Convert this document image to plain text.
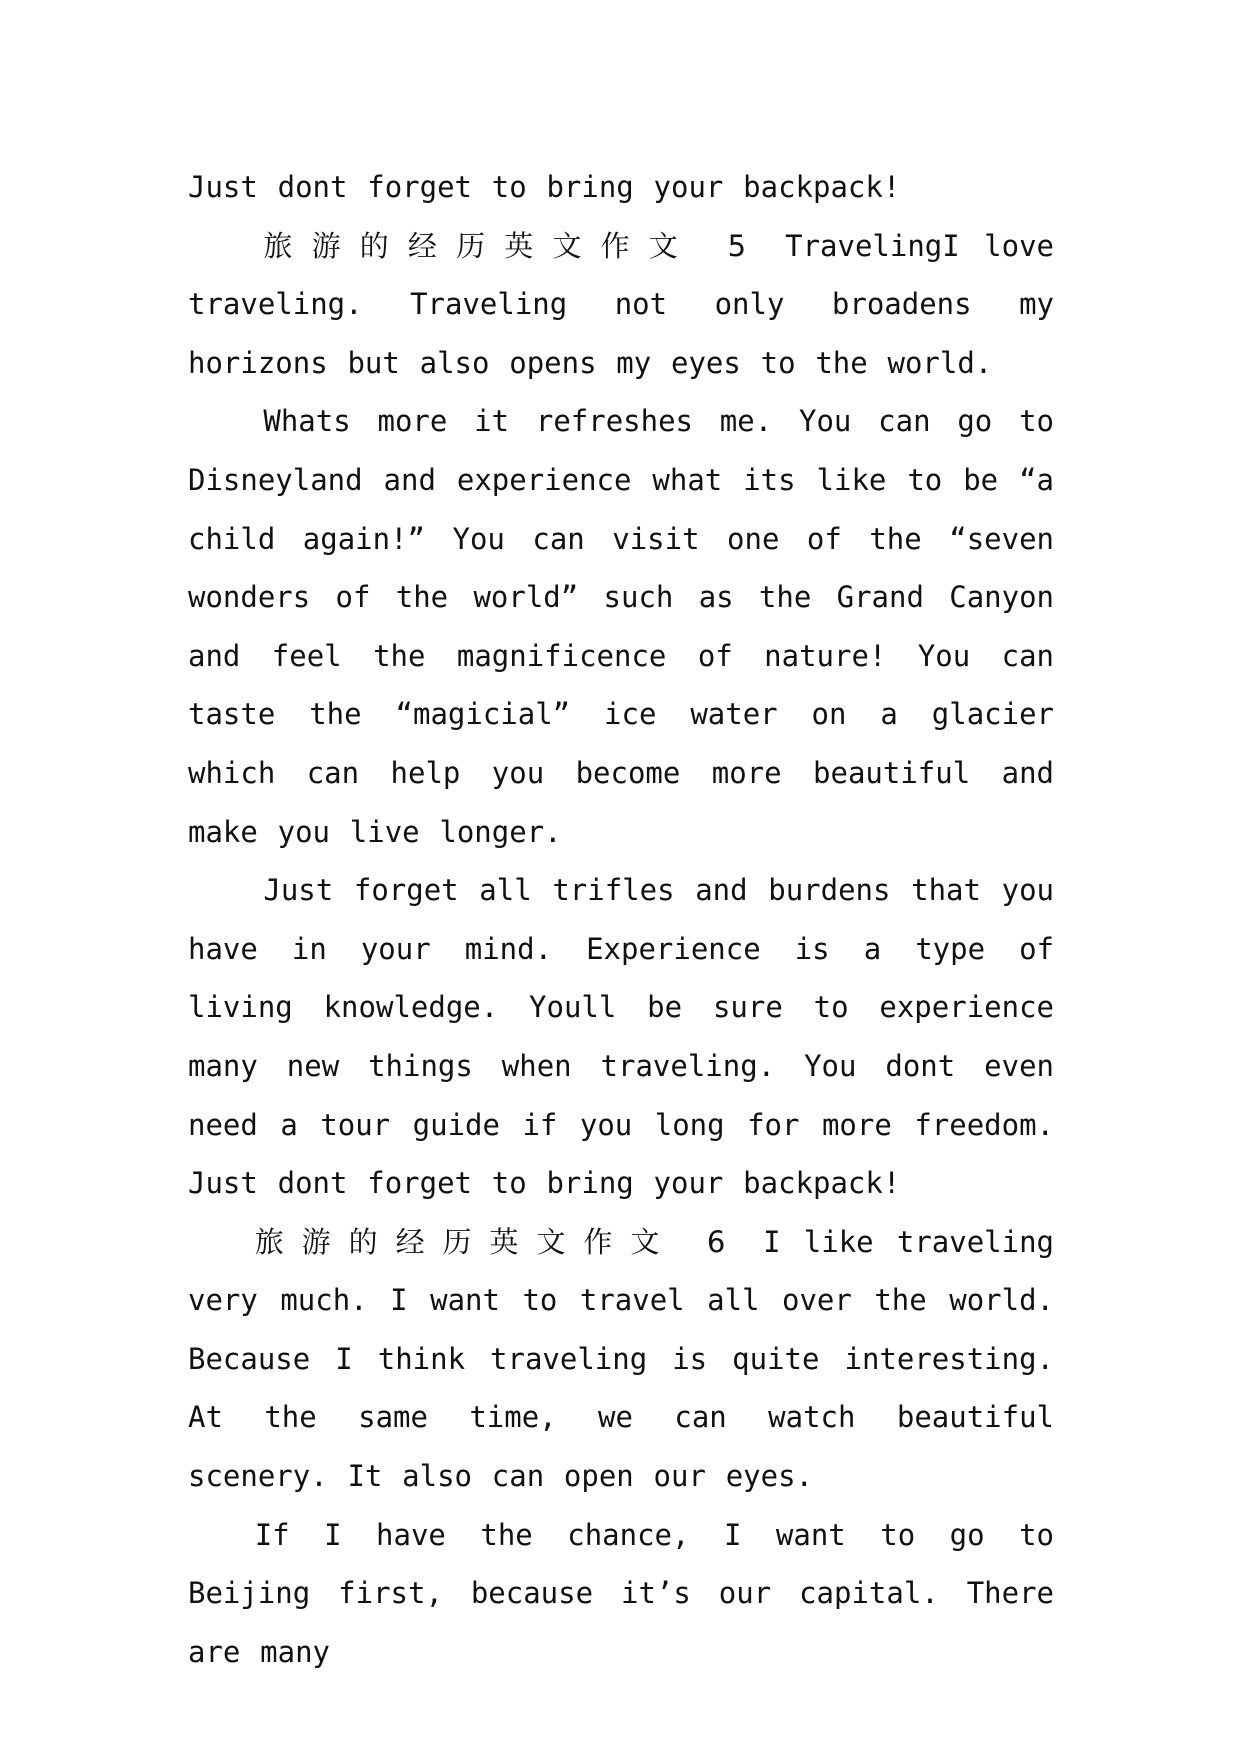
Just dont forget to bring your backpack!

旅游的经历英文作文 5 TravelingI love traveling. Traveling not only broadens my horizons but also opens my eyes to the world.

Whats more it refreshes me. You can go to Disneyland and experience what its like to be “a child again!” You can visit one of the “seven wonders of the world” such as the Grand Canyon and feel the magnificence of nature! You can taste the “magicial” ice water on a glacier which can help you become more beautiful and make you live longer.

Just forget all trifles and burdens that you have in your mind. Experience is a type of living knowledge. Youll be sure to experience many new things when traveling. You dont even need a tour guide if you long for more freedom. Just dont forget to bring your backpack!

旅游的经历英文作文 6 I like traveling very much. I want to travel all over the world. Because I think traveling is quite interesting. At the same time, we can watch beautiful scenery. It also can open our eyes.

If I have the chance, I want to go to Beijing first, because it’s our capital. There are many
